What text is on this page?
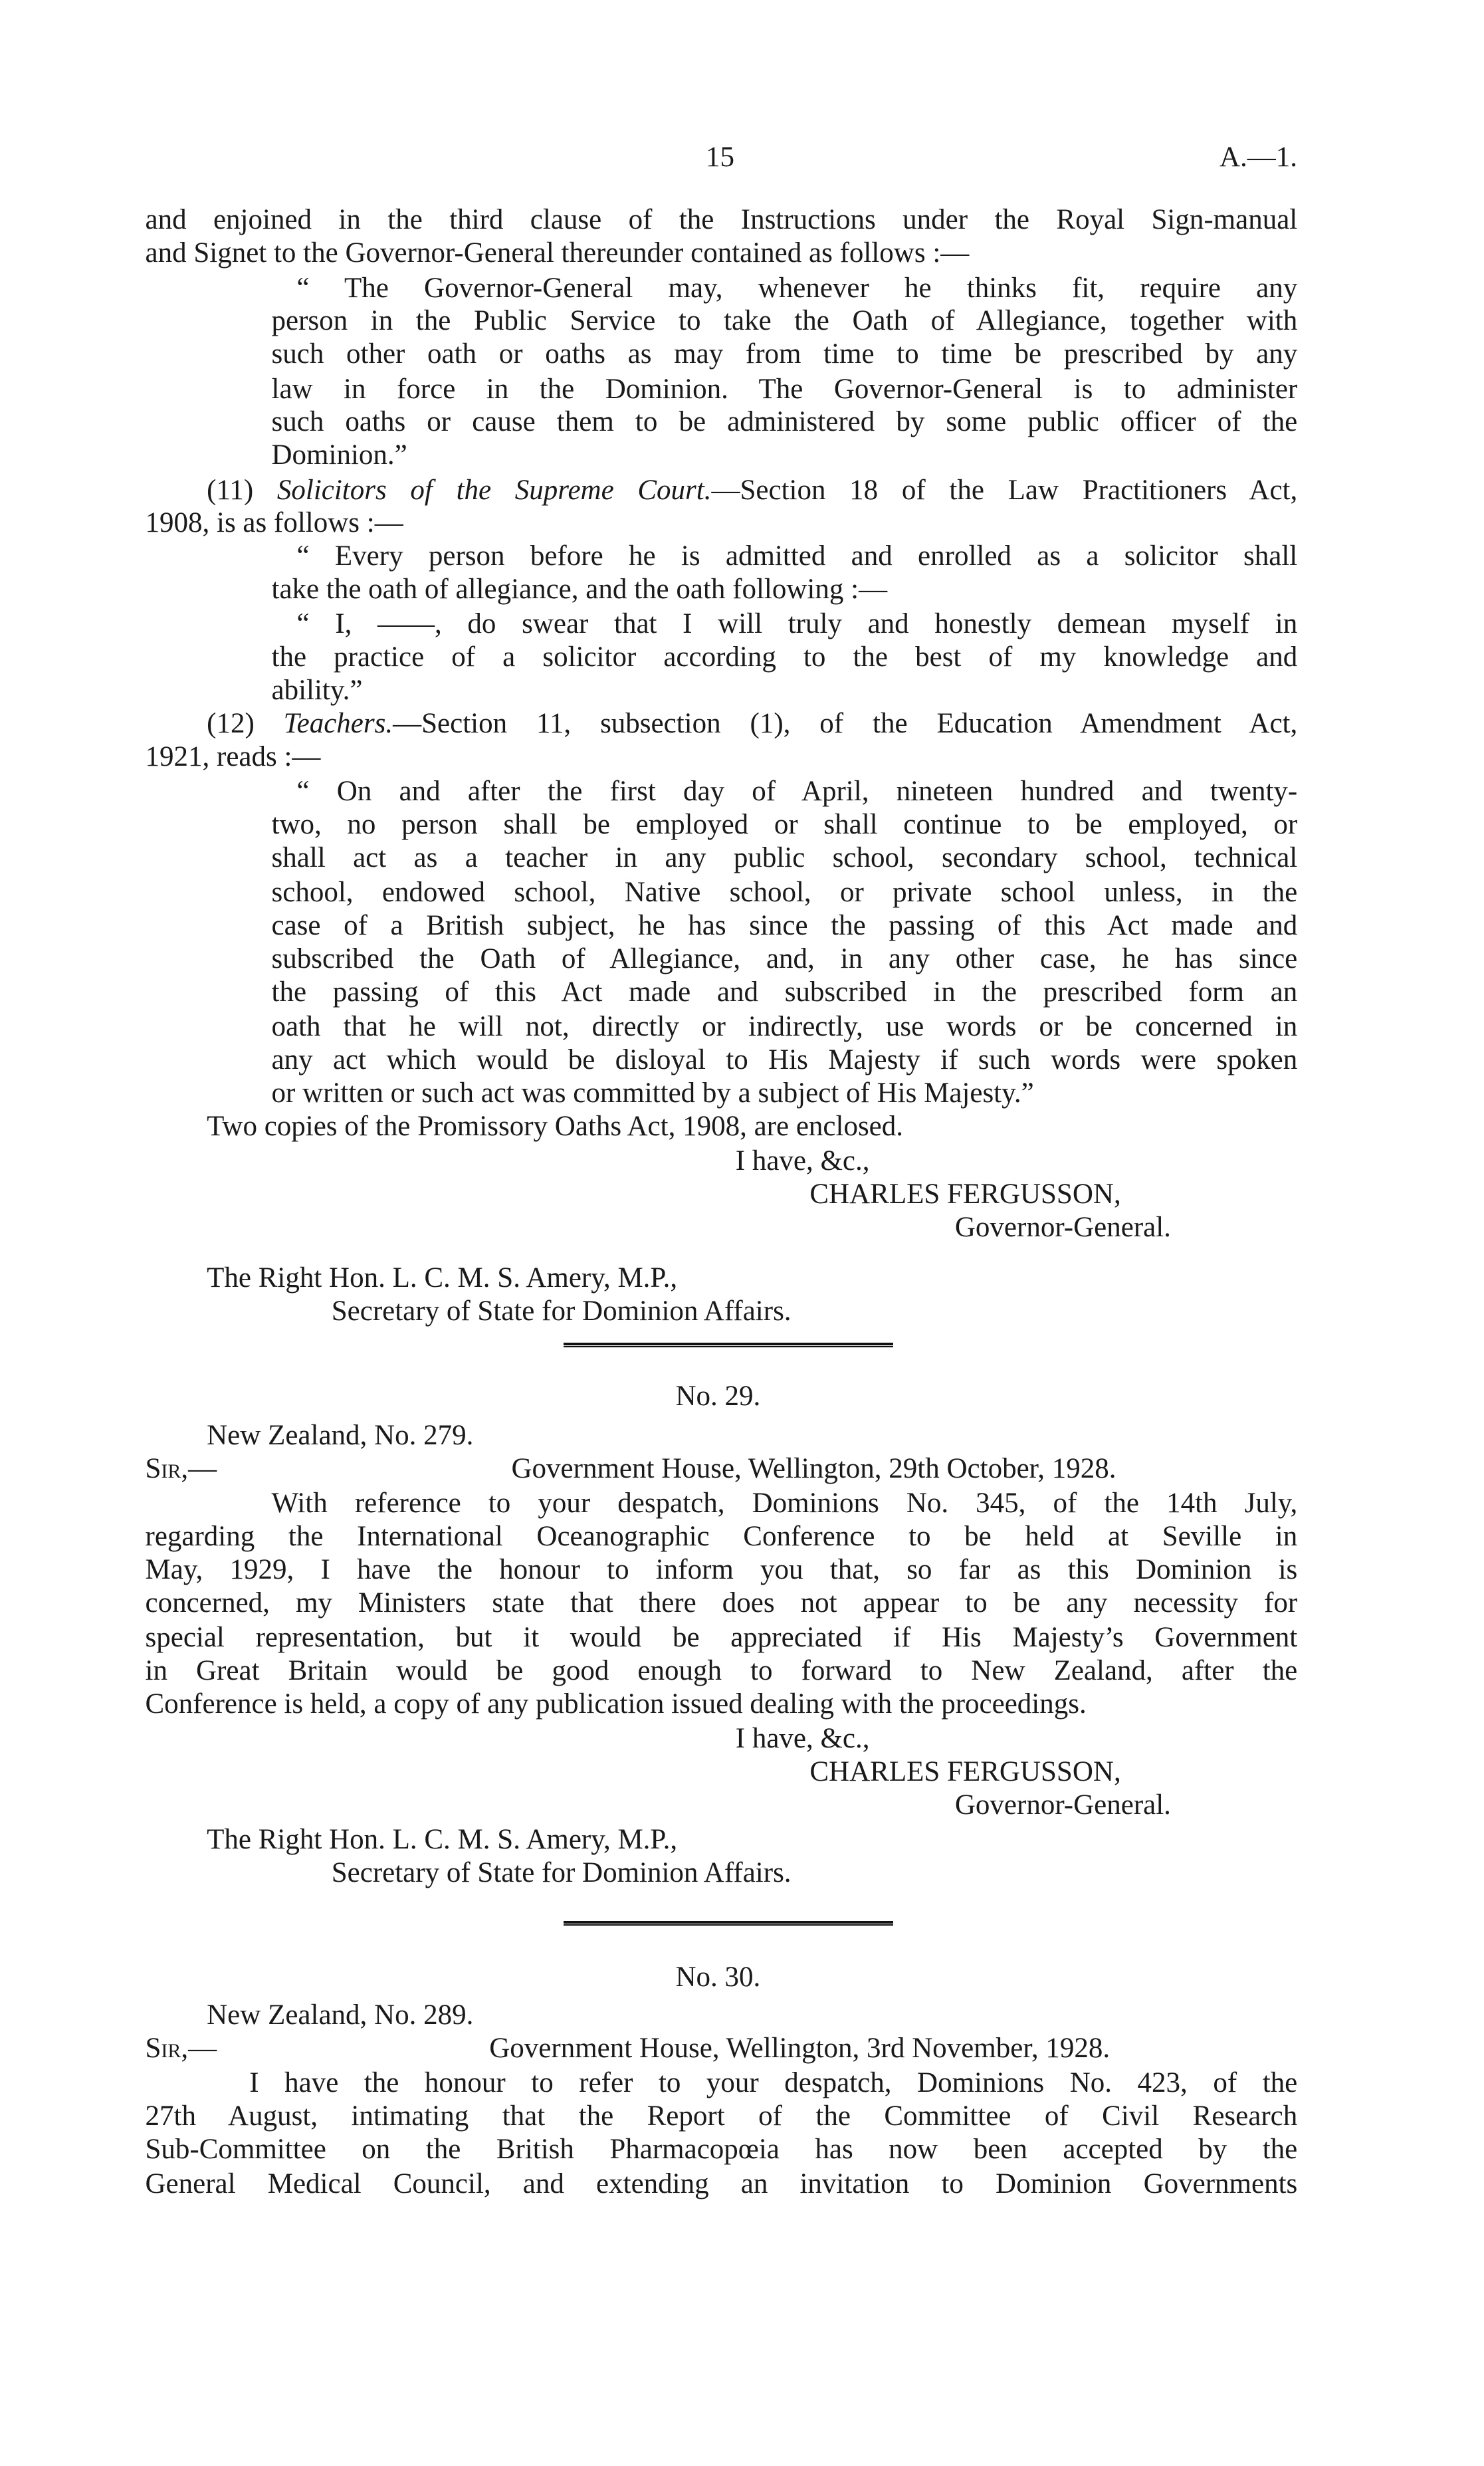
15	A.—1.
and enjoined in the third clause of the Instructions under the Royal Sign-manual
and Signet to the Governor-General thereunder contained as follows :—
“ The Governor-General may, whenever he thinks fit, require any
person in the Public Service to take the Oath of Allegiance, together with
such other oath or oaths as may from time to time be prescribed by any
law in force in the Dominion. The Governor-General is to administer
such oaths or cause them to be administered by some public officer of the
Dominion.”
(11) Solicitors of the Supreme Court.—Section 18 of the Law Practitioners Act,
1908, is as follows :—
“ Every person before he is admitted and enrolled as a solicitor shall
take the oath of allegiance, and the oath following :—
“ I, ——, do swear that I will truly and honestly demean myself in
the practice of a solicitor according to the best of my knowledge and
ability.”
(12) Teachers.—Section 11, subsection (1), of the Education Amendment Act,
1921, reads :—
“ On and after the first day of April, nineteen hundred and twenty-
two, no person shall be employed or shall continue to be employed, or
shall act as a teacher in any public school, secondary school, technical
school, endowed school, Native school, or private school unless, in the
case of a British subject, he has since the passing of this Act made and
subscribed the Oath of Allegiance, and, in any other case, he has since
the passing of this Act made and subscribed in the prescribed form an
oath that he will not, directly or indirectly, use words or be concerned in
any act which would be disloyal to His Majesty if such words were spoken
or written or such act was committed by a subject of His Majesty.”
Two copies of the Promissory Oaths Act, 1908, are enclosed.
I have, &c.,
CHARLES FERGUSSON,
Governor-General.
The Right Hon. L. C. M. S. Amery, M.P.,
Secretary of State for Dominion Affairs.
No. 29.
New Zealand, No. 279.
Sir,—	Government House, Wellington, 29th October, 1928.
With reference to your despatch, Dominions No. 345, of the 14th July,
regarding the International Oceanographic Conference to be held at Seville in
May, 1929, I have the honour to inform you that, so far as this Dominion is
concerned, my Ministers state that there does not appear to be any necessity for
special representation, but it would be appreciated if His Majesty’s Government
in Great Britain would be good enough to forward to New Zealand, after the
Conference is held, a copy of any publication issued dealing with the proceedings.
I have, &c.,
CHARLES FERGUSSON,
Governor-General.
The Right Hon. L. C. M. S. Amery, M.P.,
Secretary of State for Dominion Affairs.
No. 30.
New Zealand, No. 289.
Sir,—	Government House, Wellington, 3rd November, 1928.
I have the honour to refer to your despatch, Dominions No. 423, of the
27th August, intimating that the Report of the Committee of Civil Research
Sub-Committee on the British Pharmacopœia has now been accepted by the
General Medical Council, and extending an invitation to Dominion Governments
